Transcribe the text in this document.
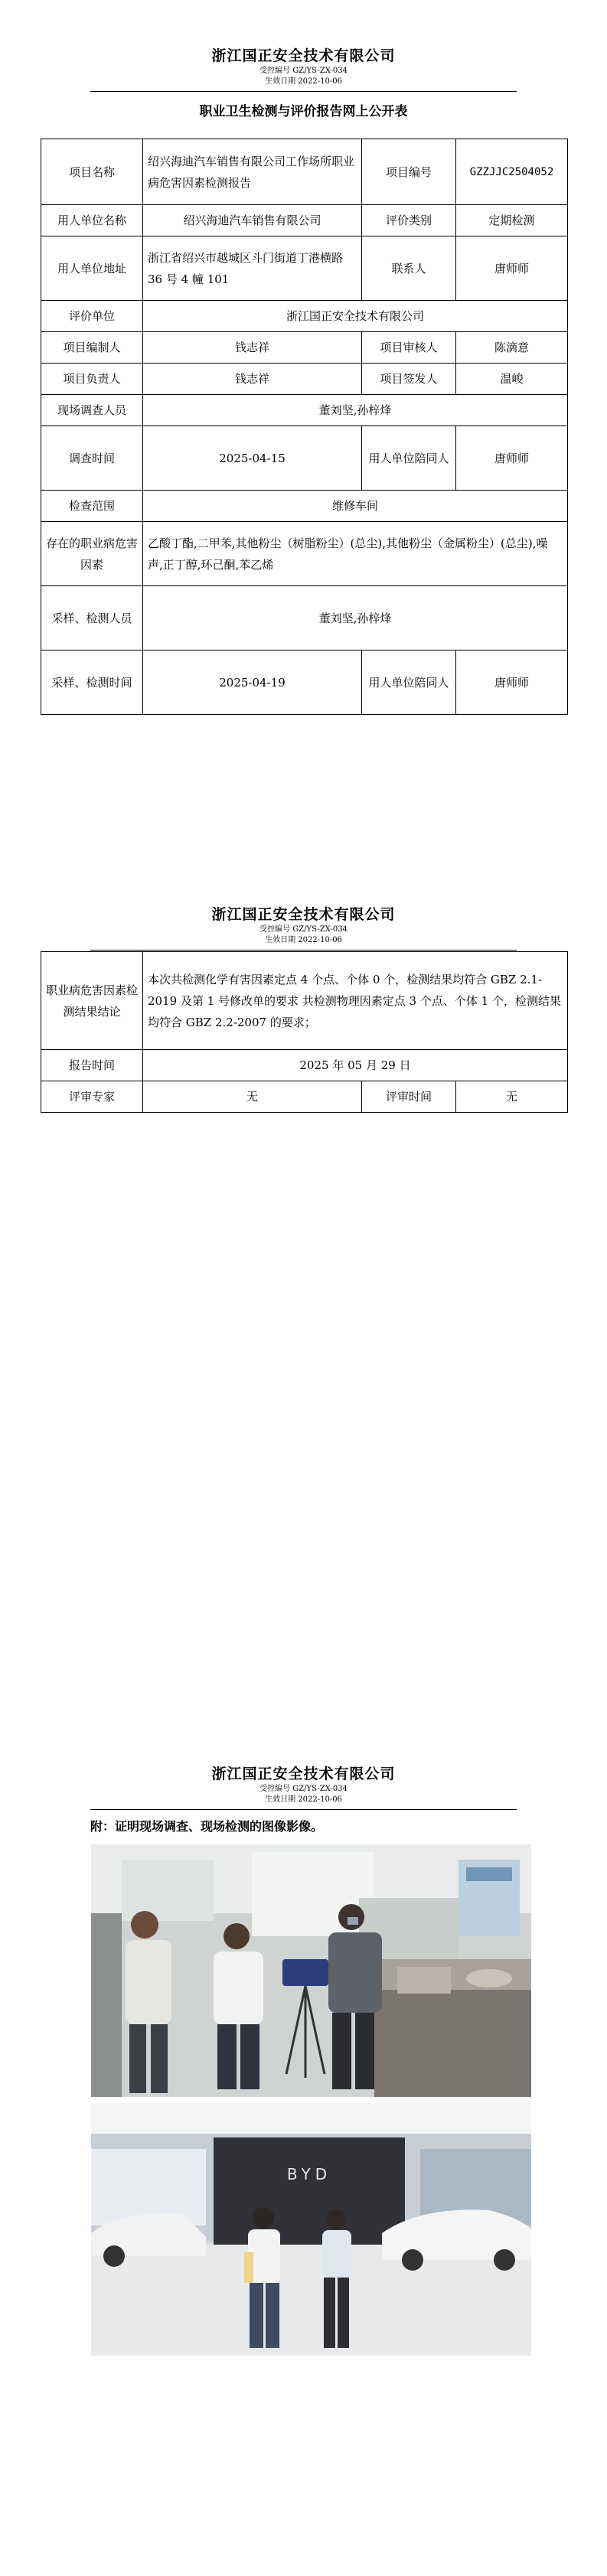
浙江国正安全技术有限公司
受控编号 GZ/YS-ZX-034
生效日期 2022-10-06
职业卫生检测与评价报告网上公开表
项目名称	绍兴海迪汽车销售有限公司工作场所职业病危害因素检测报告	项目编号	GZZJJC2504052
用人单位名称	绍兴海迪汽车销售有限公司	评价类别	定期检测
用人单位地址	浙江省绍兴市越城区斗门街道丁港横路 36 号 4 幢 101	联系人	唐师师
评价单位	浙江国正安全技术有限公司		
项目编制人	钱志祥	项目审核人	陈滴意
项目负责人	钱志祥	项目签发人	温峻
现场调查人员	董刘坚,孙梓烽		
调查时间	2025-04-15	用人单位陪同人	唐师师
检查范围	维修车间		
存在的职业病危害因素	乙酸丁酯,二甲苯,其他粉尘（树脂粉尘）(总尘),其他粉尘（金属粉尘）(总尘),噪声,正丁醇,环己酮,苯乙烯		
采样、检测人员	董刘坚,孙梓烽		
采样、检测时间	2025-04-19	用人单位陪同人	唐师师
浙江国正安全技术有限公司
受控编号 GZ/YS-ZX-034
生效日期 2022-10-06
职业病危害因素检测结果结论	本次共检测化学有害因素定点 4 个点、个体 0 个，检测结果均符合 GBZ 2.1-2019 及第 1 号修改单的要求 共检测物理因素定点 3 个点、个体 1 个，检测结果均符合 GBZ 2.2-2007 的要求；		
报告时间	2025 年 05 月 29 日		
评审专家	无	评审时间	无
浙江国正安全技术有限公司
受控编号 GZ/YS-ZX-034
生效日期 2022-10-06
附：证明现场调查、现场检测的图像影像。
BYD
